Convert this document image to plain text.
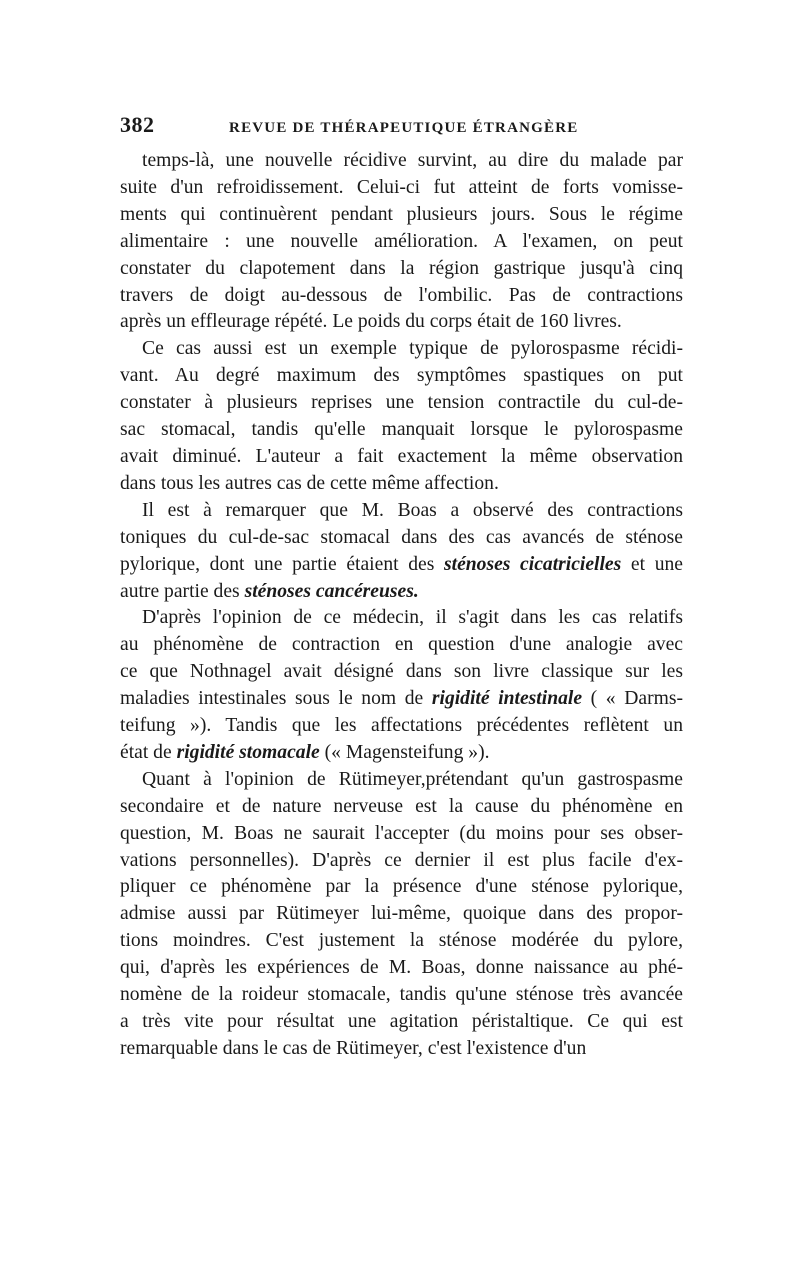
382	REVUE DE THÉRAPEUTIQUE ÉTRANGÈRE

temps-là, une nouvelle récidive survint, au dire du malade par
suite d'un refroidissement. Celui-ci fut atteint de forts vomisse-
ments qui continuèrent pendant plusieurs jours. Sous le régime
alimentaire : une nouvelle amélioration. A l'examen, on peut
constater du clapotement dans la région gastrique jusqu'à cinq
travers de doigt au-dessous de l'ombilic. Pas de contractions
après un effleurage répété. Le poids du corps était de 160 livres.

Ce cas aussi est un exemple typique de pylorospasme récidi-
vant. Au degré maximum des symptômes spastiques on put
constater à plusieurs reprises une tension contractile du cul-de-
sac stomacal, tandis qu'elle manquait lorsque le pylorospasme
avait diminué. L'auteur a fait exactement la même observation
dans tous les autres cas de cette même affection.

Il est à remarquer que M. Boas a observé des contractions
toniques du cul-de-sac stomacal dans des cas avancés de sténose
pylorique, dont une partie étaient des sténoses cicatricielles et une
autre partie des sténoses cancéreuses.

D'après l'opinion de ce médecin, il s'agit dans les cas relatifs
au phénomène de contraction en question d'une analogie avec
ce que Nothnagel avait désigné dans son livre classique sur les
maladies intestinales sous le nom de rigidité intestinale ( « Darms-
teifung »). Tandis que les affectations précédentes reflètent un
état de rigidité stomacale (« Magensteifung »).

Quant à l'opinion de Rütimeyer,prétendant qu'un gastrospasme
secondaire et de nature nerveuse est la cause du phénomène en
question, M. Boas ne saurait l'accepter (du moins pour ses obser-
vations personnelles). D'après ce dernier il est plus facile d'ex-
pliquer ce phénomène par la présence d'une sténose pylorique,
admise aussi par Rütimeyer lui-même, quoique dans des propor-
tions moindres. C'est justement la sténose modérée du pylore,
qui, d'après les expériences de M. Boas, donne naissance au phé-
nomène de la roideur stomacale, tandis qu'une sténose très avancée
a très vite pour résultat une agitation péristaltique. Ce qui est
remarquable dans le cas de Rütimeyer, c'est l'existence d'un
